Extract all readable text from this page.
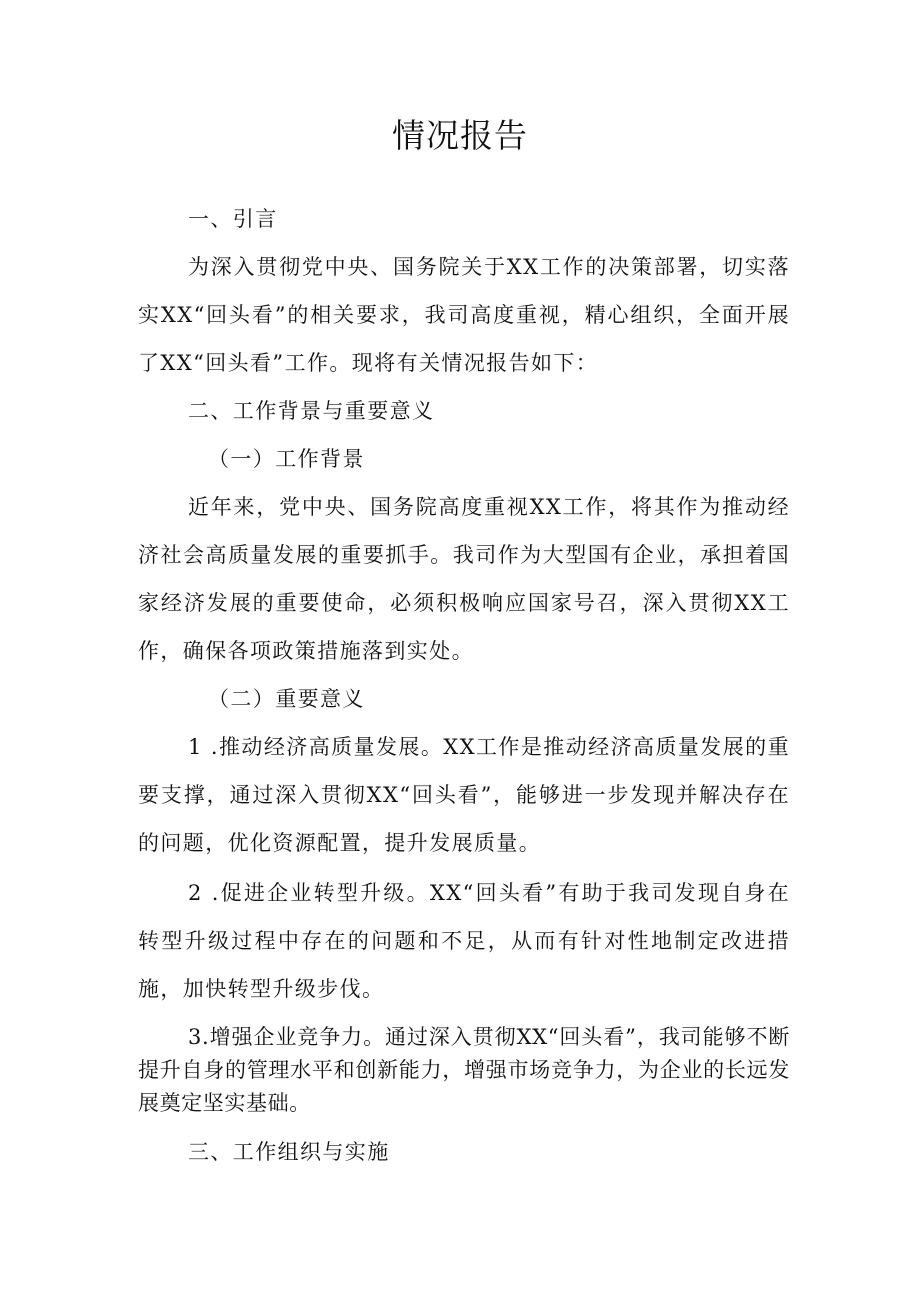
情况报告

一、引言

为深入贯彻党中央、国务院关于XX工作的决策部署，切实落实XX“回头看”的相关要求，我司高度重视，精心组织，全面开展了XX“回头看”工作。现将有关情况报告如下：

二、工作背景与重要意义

（一）工作背景

近年来，党中央、国务院高度重视XX工作，将其作为推动经济社会高质量发展的重要抓手。我司作为大型国有企业，承担着国家经济发展的重要使命，必须积极响应国家号召，深入贯彻XX工作，确保各项政策措施落到实处。

（二）重要意义

1 .推动经济高质量发展。XX工作是推动经济高质量发展的重要支撑，通过深入贯彻XX“回头看”，能够进一步发现并解决存在的问题，优化资源配置，提升发展质量。

2 .促进企业转型升级。XX“回头看”有助于我司发现自身在转型升级过程中存在的问题和不足，从而有针对性地制定改进措施，加快转型升级步伐。

3.增强企业竞争力。通过深入贯彻XX“回头看”，我司能够不断提升自身的管理水平和创新能力，增强市场竞争力，为企业的长远发展奠定坚实基础。

三、工作组织与实施
